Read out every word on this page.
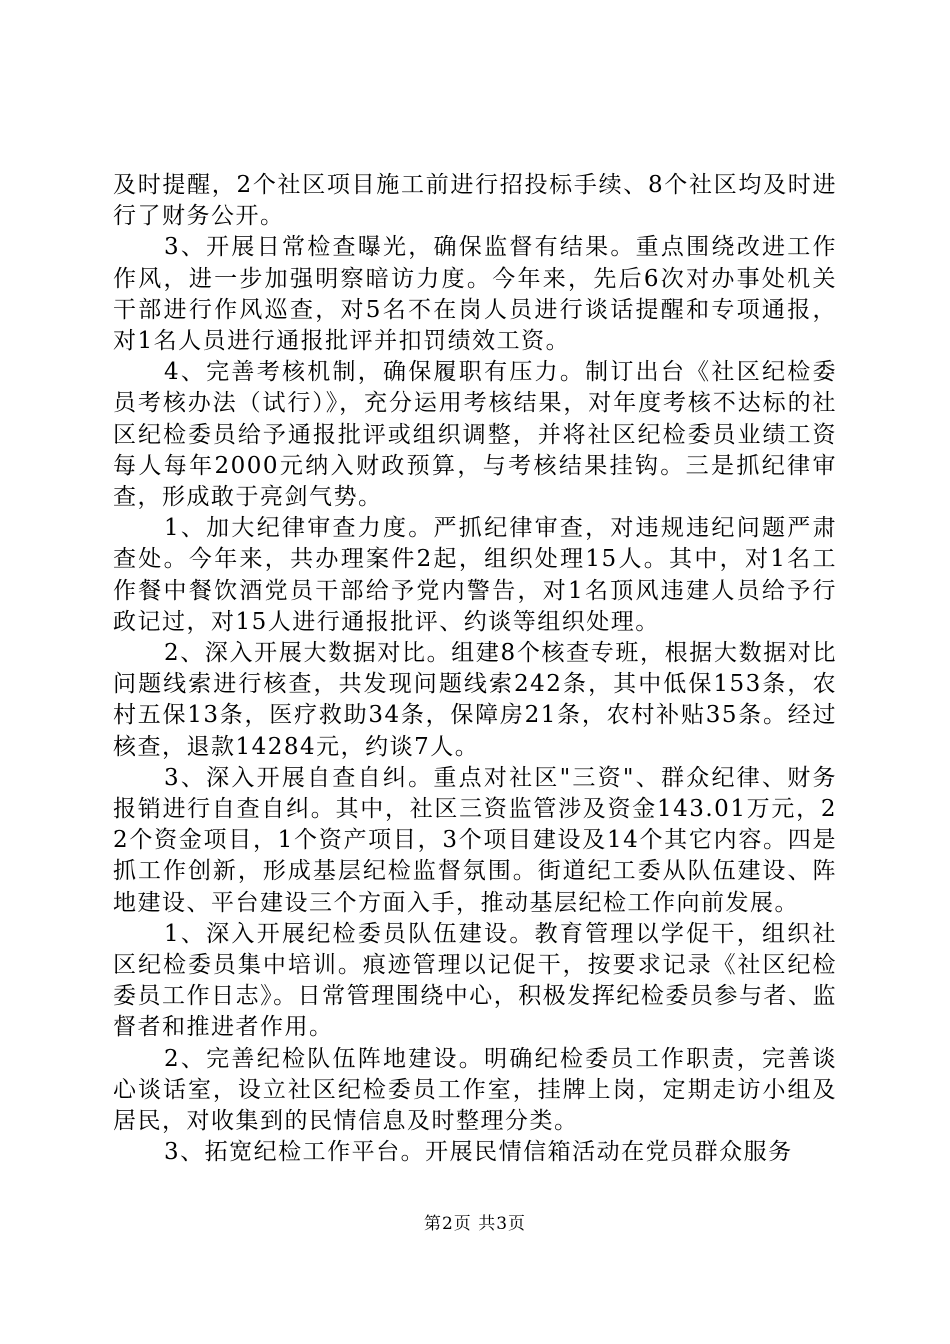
及时提醒，2个社区项目施工前进行招投标手续、8个社区均及时进行了财务公开。

3、开展日常检查曝光，确保监督有结果。重点围绕改进工作作风，进一步加强明察暗访力度。今年来，先后6次对办事处机关干部进行作风巡查，对5名不在岗人员进行谈话提醒和专项通报，对1名人员进行通报批评并扣罚绩效工资。

4、完善考核机制，确保履职有压力。制订出台《社区纪检委员考核办法（试行）》，充分运用考核结果，对年度考核不达标的社区纪检委员给予通报批评或组织调整，并将社区纪检委员业绩工资每人每年2000元纳入财政预算，与考核结果挂钩。三是抓纪律审查，形成敢于亮剑气势。

1、加大纪律审查力度。严抓纪律审查，对违规违纪问题严肃查处。今年来，共办理案件2起，组织处理15人。其中，对1名工作餐中餐饮酒党员干部给予党内警告，对1名顶风违建人员给予行政记过，对15人进行通报批评、约谈等组织处理。

2、深入开展大数据对比。组建8个核查专班，根据大数据对比问题线索进行核查，共发现问题线索242条，其中低保153条，农村五保13条，医疗救助34条，保障房21条，农村补贴35条。经过核查，退款14284元，约谈7人。

3、深入开展自查自纠。重点对社区"三资"、群众纪律、财务报销进行自查自纠。其中，社区三资监管涉及资金143.01万元，22个资金项目，1个资产项目，3个项目建设及14个其它内容。四是抓工作创新，形成基层纪检监督氛围。街道纪工委从队伍建设、阵地建设、平台建设三个方面入手，推动基层纪检工作向前发展。

1、深入开展纪检委员队伍建设。教育管理以学促干，组织社区纪检委员集中培训。痕迹管理以记促干，按要求记录《社区纪检委员工作日志》。日常管理围绕中心，积极发挥纪检委员参与者、监督者和推进者作用。

2、完善纪检队伍阵地建设。明确纪检委员工作职责，完善谈心谈话室，设立社区纪检委员工作室，挂牌上岗，定期走访小组及居民，对收集到的民情信息及时整理分类。

3、拓宽纪检工作平台。开展民情信箱活动在党员群众服务

第2页 共3页
